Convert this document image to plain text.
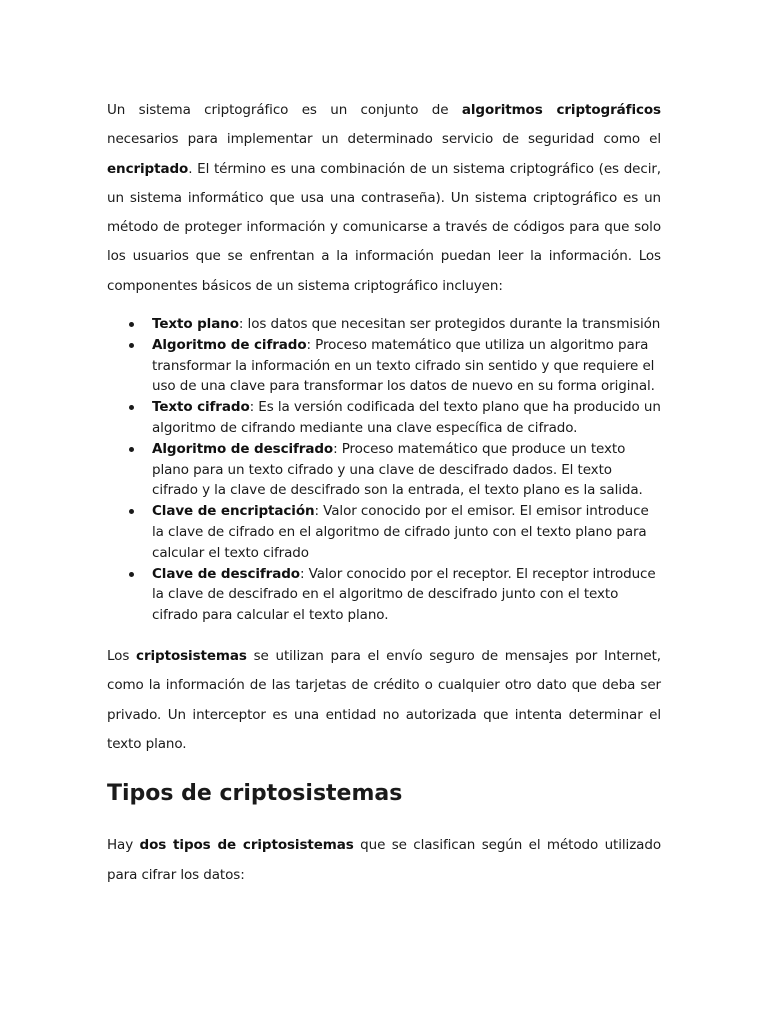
Un sistema criptográfico es un conjunto de algoritmos criptográficos necesarios para implementar un determinado servicio de seguridad como el encriptado. El término es una combinación de un sistema criptográfico (es decir, un sistema informático que usa una contraseña). Un sistema criptográfico es un método de proteger información y comunicarse a través de códigos para que solo los usuarios que se enfrentan a la información puedan leer la información. Los componentes básicos de un sistema criptográfico incluyen:

Texto plano: los datos que necesitan ser protegidos durante la transmisión
Algoritmo de cifrado: Proceso matemático que utiliza un algoritmo para transformar la información en un texto cifrado sin sentido y que requiere el uso de una clave para transformar los datos de nuevo en su forma original.
Texto cifrado: Es la versión codificada del texto plano que ha producido un algoritmo de cifrando mediante una clave específica de cifrado.
Algoritmo de descifrado: Proceso matemático que produce un texto plano para un texto cifrado y una clave de descifrado dados. El texto cifrado y la clave de descifrado son la entrada, el texto plano es la salida.
Clave de encriptación: Valor conocido por el emisor. El emisor introduce la clave de cifrado en el algoritmo de cifrado junto con el texto plano para calcular el texto cifrado
Clave de descifrado: Valor conocido por el receptor. El receptor introduce la clave de descifrado en el algoritmo de descifrado junto con el texto cifrado para calcular el texto plano.

Los criptosistemas se utilizan para el envío seguro de mensajes por Internet, como la información de las tarjetas de crédito o cualquier otro dato que deba ser privado. Un interceptor es una entidad no autorizada que intenta determinar el texto plano.

Tipos de criptosistemas

Hay dos tipos de criptosistemas que se clasifican según el método utilizado para cifrar los datos:
